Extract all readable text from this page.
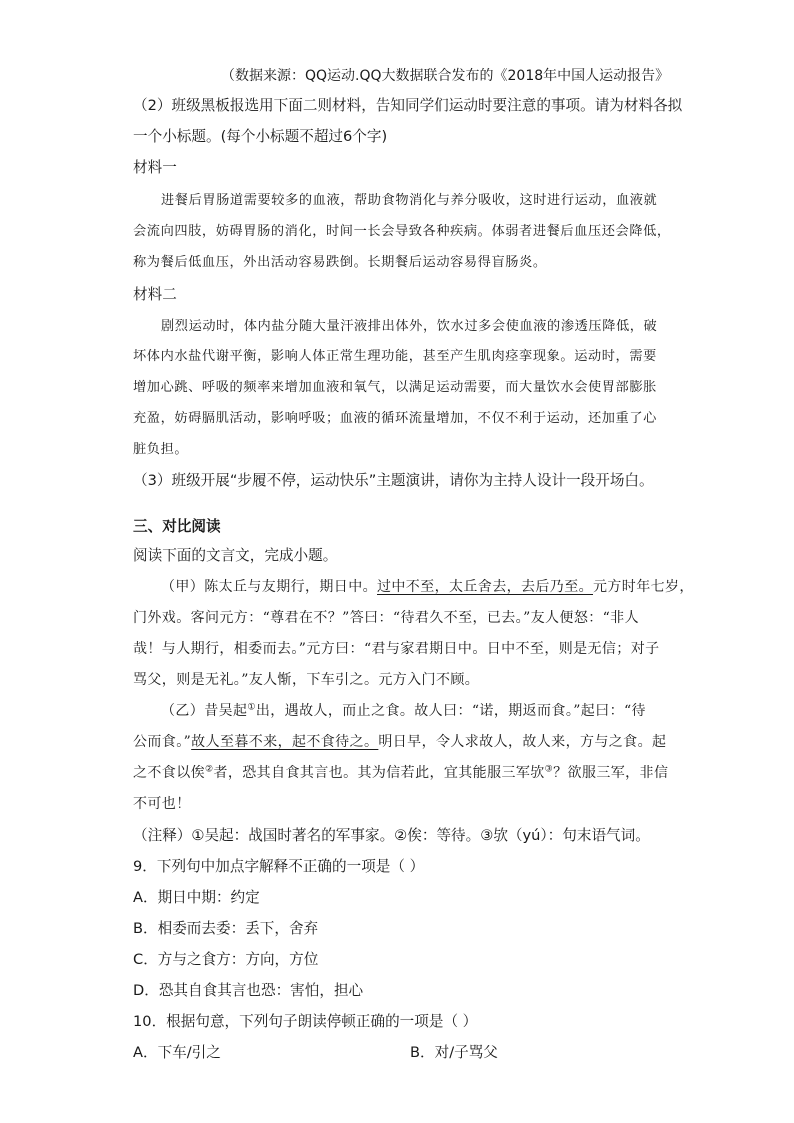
（数据来源：QQ运动.QQ大数据联合发布的《2018年中国人运动报告》
（2）班级黑板报选用下面二则材料，告知同学们运动时要注意的事项。请为材料各拟
一个小标题。(每个小标题不超过6个字)
材料一
进餐后胃肠道需要较多的血液，帮助食物消化与养分吸收，这时进行运动，血液就
会流向四肢，妨碍胃肠的消化，时间一长会导致各种疾病。体弱者进餐后血压还会降低，
称为餐后低血压，外出活动容易跌倒。长期餐后运动容易得盲肠炎。
材料二
剧烈运动时，体内盐分随大量汗液排出体外，饮水过多会使血液的渗透压降低，破
坏体内水盐代谢平衡，影响人体正常生理功能，甚至产生肌肉痉挛现象。运动时，需要
增加心跳、呼吸的频率来增加血液和氧气，以满足运动需要，而大量饮水会使胃部膨胀
充盈，妨碍膈肌活动，影响呼吸；血液的循环流量增加，不仅不利于运动，还加重了心
脏负担。
（3）班级开展“步履不停，运动快乐”主题演讲，请你为主持人设计一段开场白。
三、对比阅读
阅读下面的文言文，完成小题。
（甲）陈太丘与友期行，期日中。过中不至，太丘舍去，去后乃至。元方时年七岁，
门外戏。客问元方：“尊君在不？”答曰：“待君久不至，已去。”友人便怒：“非人
哉！与人期行，相委而去。”元方曰：“君与家君期日中。日中不至，则是无信；对子
骂父，则是无礼。”友人惭，下车引之。元方入门不顾。
（乙）昔吴起①出，遇故人，而止之食。故人曰：“诺，期返而食。”起曰：“待
公而食。”故人至暮不来，起不食待之。明日早，令人求故人，故人来，方与之食。起
之不食以俟②者，恐其自食其言也。其为信若此，宜其能服三军欤③？欲服三军，非信
不可也！
（注释）①吴起：战国时著名的军事家。②俟：等待。③欤（yú）：句末语气词。
9．下列句中加点字解释不正确的一项是（ ）
A．期日中期：约定
B．相委而去委：丢下，舍弃
C．方与之食方：方向，方位
D．恐其自食其言也恐：害怕，担心
10．根据句意，下列句子朗读停顿正确的一项是（ ）
A．下车/引之	B．对/子骂父
